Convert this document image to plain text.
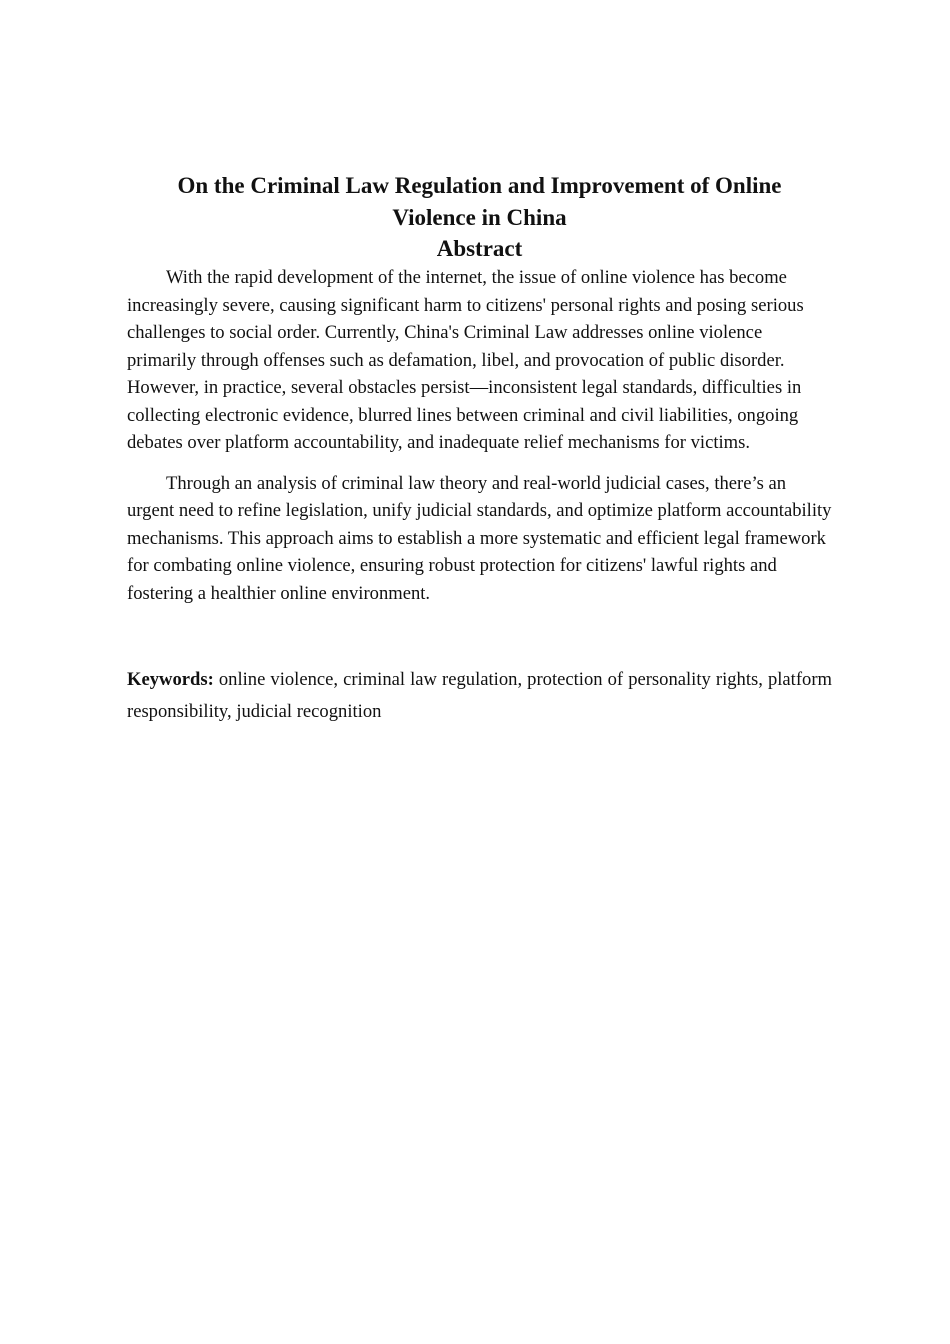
On the Criminal Law Regulation and Improvement of Online Violence in China
Abstract

With the rapid development of the internet, the issue of online violence has become increasingly severe, causing significant harm to citizens' personal rights and posing serious challenges to social order. Currently, China's Criminal Law addresses online violence primarily through offenses such as defamation, libel, and provocation of public disorder. However, in practice, several obstacles persist—inconsistent legal standards, difficulties in collecting electronic evidence, blurred lines between criminal and civil liabilities, ongoing debates over platform accountability, and inadequate relief mechanisms for victims.

Through an analysis of criminal law theory and real-world judicial cases, there’s an urgent need to refine legislation, unify judicial standards, and optimize platform accountability mechanisms. This approach aims to establish a more systematic and efficient legal framework for combating online violence, ensuring robust protection for citizens' lawful rights and fostering a healthier online environment.

Keywords: online violence, criminal law regulation, protection of personality rights, platform responsibility, judicial recognition
